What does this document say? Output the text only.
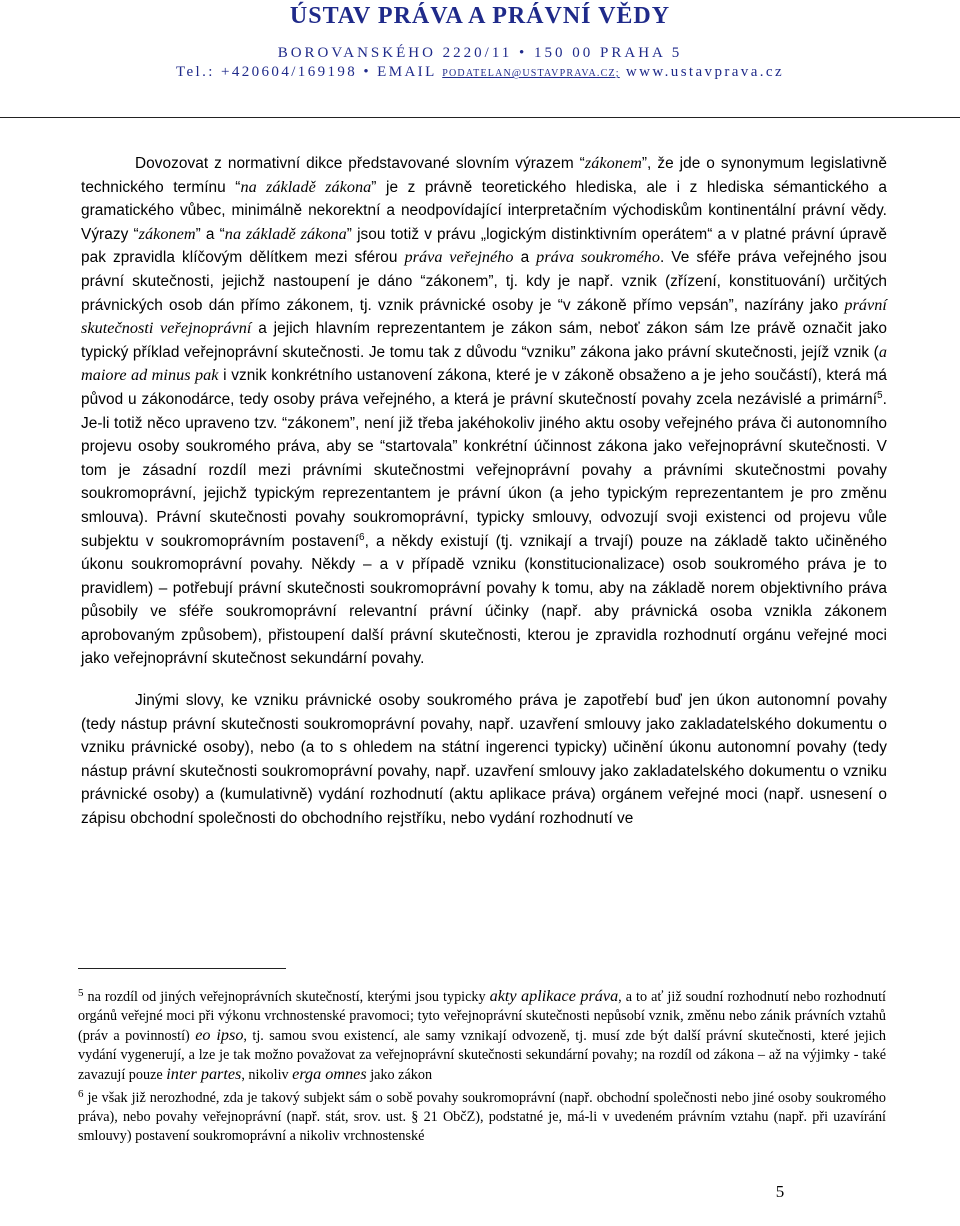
ÚSTAV PRÁVA A PRÁVNÍ VĚDY
BOROVANSKÉHO 2220/11 • 150 00 PRAHA 5
Tel.: +420604/169198 • EMAIL PODATELAN@USTAVPRAVA.CZ; www.ustavprava.cz

Dovozovat z normativní dikce představované slovním výrazem “zákonem”, že jde o synonymum legislativně technického termínu “na základě zákona” je z právně teoretického hlediska, ale i z hlediska sémantického a gramatického vůbec, minimálně nekorektní a neodpovídající interpretačním východiskům kontinentální právní vědy. Výrazy “zákonem” a “na základě zákona” jsou totiž v právu „logickým distinktivním operátem“ a v platné právní úpravě pak zpravidla klíčovým dělítkem mezi sférou práva veřejného a práva soukromého. Ve sféře práva veřejného jsou právní skutečnosti, jejichž nastoupení je dáno “zákonem”, tj. kdy je např. vznik (zřízení, konstituování) určitých právnických osob dán přímo zákonem, tj. vznik právnické osoby je “v zákoně přímo vepsán”, nazírány jako právní skutečnosti veřejnoprávní a jejich hlavním reprezentantem je zákon sám, neboť zákon sám lze právě označit jako typický příklad veřejnoprávní skutečnosti. Je tomu tak z důvodu “vzniku” zákona jako právní skutečnosti, jejíž vznik (a maiore ad minus pak i vznik konkrétního ustanovení zákona, které je v zákoně obsaženo a je jeho součástí), která má původ u zákonodárce, tedy osoby práva veřejného, a která je právní skutečností povahy zcela nezávislé a primární$^5$. Je-li totiž něco upraveno tzv. “zákonem”, není již třeba jakéhokoliv jiného aktu osoby veřejného práva či autonomního projevu osoby soukromého práva, aby se “startovala” konkrétní účinnost zákona jako veřejnoprávní skutečnosti. V tom je zásadní rozdíl mezi právními skutečnostmi veřejnoprávní povahy a právními skutečnostmi povahy soukromoprávní, jejichž typickým reprezentantem je právní úkon (a jeho typickým reprezentantem je pro změnu smlouva). Právní skutečnosti povahy soukromoprávní, typicky smlouvy, odvozují svoji existenci od projevu vůle subjektu v soukromoprávním postavení$^6$, a někdy existují (tj. vznikají a trvají) pouze na základě takto učiněného úkonu soukromoprávní povahy. Někdy – a v případě vzniku (konstitucionalizace) osob soukromého práva je to pravidlem) – potřebují právní skutečnosti soukromoprávní povahy k tomu, aby na základě norem objektivního práva působily ve sféře soukromoprávní relevantní právní účinky (např. aby právnická osoba vznikla zákonem aprobovaným způsobem), přistoupení další právní skutečnosti, kterou je zpravidla rozhodnutí orgánu veřejné moci jako veřejnoprávní skutečnost sekundární povahy.

Jinými slovy, ke vzniku právnické osoby soukromého práva je zapotřebí buď jen úkon autonomní povahy (tedy nástup právní skutečnosti soukromoprávní povahy, např. uzavření smlouvy jako zakladatelského dokumentu o vzniku právnické osoby), nebo (a to s ohledem na státní ingerenci typicky) učinění úkonu autonomní povahy (tedy nástup právní skutečnosti soukromoprávní povahy, např. uzavření smlouvy jako zakladatelského dokumentu o vzniku právnické osoby) a (kumulativně) vydání rozhodnutí (aktu aplikace práva) orgánem veřejné moci (např. usnesení o zápisu obchodní společnosti do obchodního rejstříku, nebo vydání rozhodnutí ve

$^5$ na rozdíl od jiných veřejnoprávních skutečností, kterými jsou typicky akty aplikace práva, a to ať již soudní rozhodnutí nebo rozhodnutí orgánů veřejné moci při výkonu vrchnostenské pravomoci; tyto veřejnoprávní skutečnosti nepůsobí vznik, změnu nebo zánik právních vztahů (práv a povinností) eo ipso, tj. samou svou existencí, ale samy vznikají odvozeně, tj. musí zde být další právní skutečnosti, které jejich vydání vygenerují, a lze je tak možno považovat za veřejnoprávní skutečnosti sekundární povahy; na rozdíl od zákona – až na výjimky - také zavazují pouze inter partes, nikoliv erga omnes jako zákon

$^6$ je však již nerozhodné, zda je takový subjekt sám o sobě povahy soukromoprávní (např. obchodní společnosti nebo jiné osoby soukromého práva), nebo povahy veřejnoprávní (např. stát, srov. ust. § 21 ObčZ), podstatné je, má-li v uvedeném právním vztahu (např. při uzavírání smlouvy) postavení soukromoprávní a nikoliv vrchnostenské

5
